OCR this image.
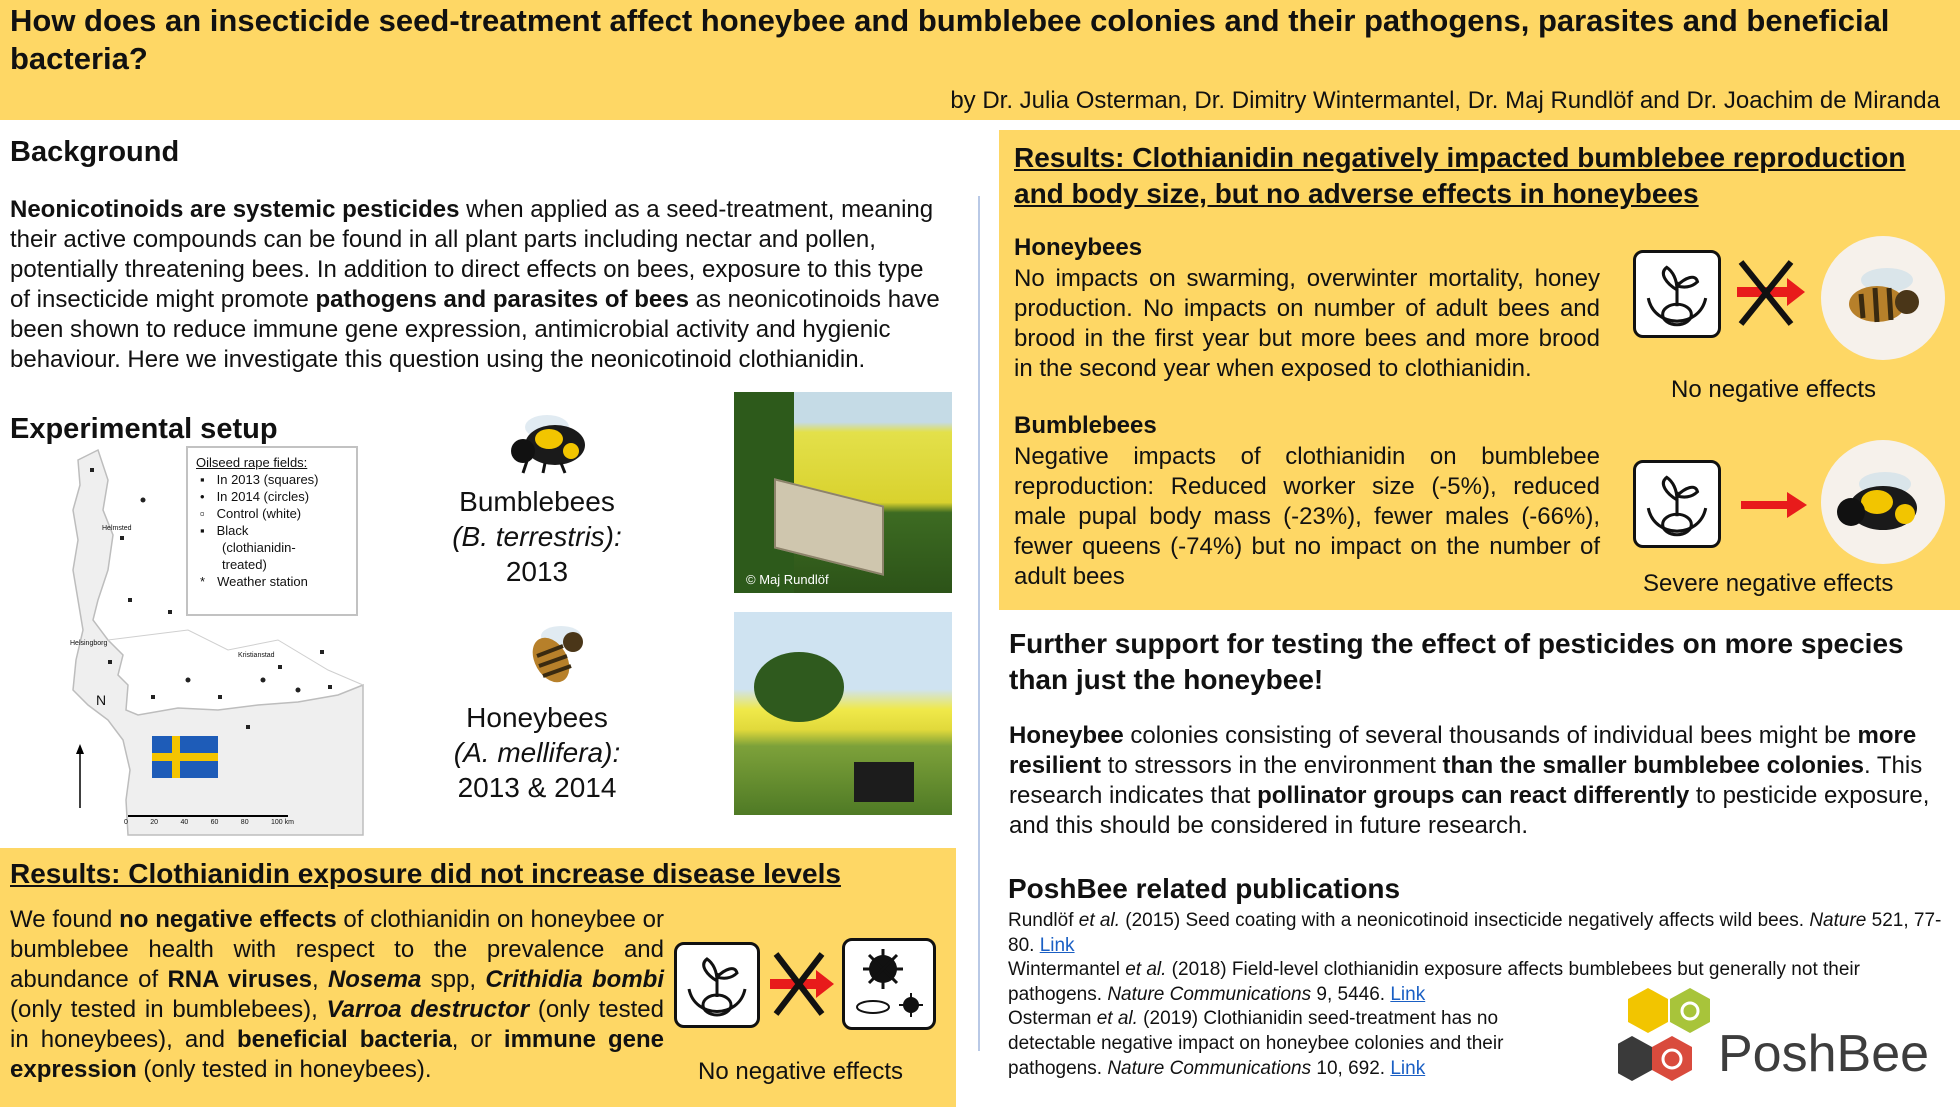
How does an insecticide seed-treatment affect honeybee and bumblebee colonies and their pathogens, parasites and beneficial bacteria?
by Dr. Julia Osterman, Dr. Dimitry Wintermantel, Dr. Maj Rundlöf and Dr. Joachim de Miranda
Background
Neonicotinoids are systemic pesticides when applied as a seed-treatment, meaning their active compounds can be found in all plant parts including nectar and pollen, potentially threatening bees. In addition to direct effects on bees, exposure to this type of insecticide might promote pathogens and parasites of bees as neonicotinoids have been shown to reduce immune gene expression, antimicrobial activity and hygienic behaviour. Here we investigate this question using the neonicotinoid clothianidin.
Experimental setup
Helmsted
Helsingborg
Kristianstad
N
0	20	40	60	80	100 km
Oilseed rape fields:
▪ In 2013 (squares)
• In 2014 (circles)
▫ Control (white)
▪ Black
(clothianidin-
treated)
* Weather station
Bumblebees
(B. terrestris):
2013
Honeybees
(A. mellifera):
2013 & 2014
© Maj Rundlöf
Results: Clothianidin exposure did not increase disease levels
We found no negative effects of clothianidin on honeybee or bumblebee health with respect to the prevalence and abundance of RNA viruses, Nosema spp, Crithidia bombi (only tested in bumblebees), Varroa destructor (only tested in honeybees), and beneficial bacteria, or immune gene expression (only tested in honeybees).	No negative effects
Results: Clothianidin negatively impacted bumblebee reproduction
and body size, but no adverse effects in honeybees
Honeybees
No impacts on swarming, overwinter mortality, honey production. No impacts on number of adult bees and brood in the first year but more bees and more brood in the second year when exposed to clothianidin.
Bumblebees
Negative impacts of clothianidin on bumblebee reproduction: Reduced worker size (-5%), reduced male pupal body mass (-23%), fewer males (-66%), fewer queens (-74%) but no impact on the number of adult bees
No negative effects
Severe negative effects
Further support for testing the effect of pesticides on more species than just the honeybee!
Honeybee colonies consisting of several thousands of individual bees might be more resilient to stressors in the environment than the smaller bumblebee colonies. This research indicates that pollinator groups can react differently to pesticide exposure, and this should be considered in future research.
PoshBee related publications
Rundlöf et al. (2015) Seed coating with a neonicotinoid insecticide negatively affects wild bees. Nature 521, 77-80. Link
Wintermantel et al. (2018) Field-level clothianidin exposure affects bumblebees but generally not their pathogens. Nature Communications 9, 5446. Link
Osterman et al. (2019) Clothianidin seed-treatment has no detectable negative impact on honeybee colonies and their pathogens. Nature Communications 10, 692. Link	PoshBee
